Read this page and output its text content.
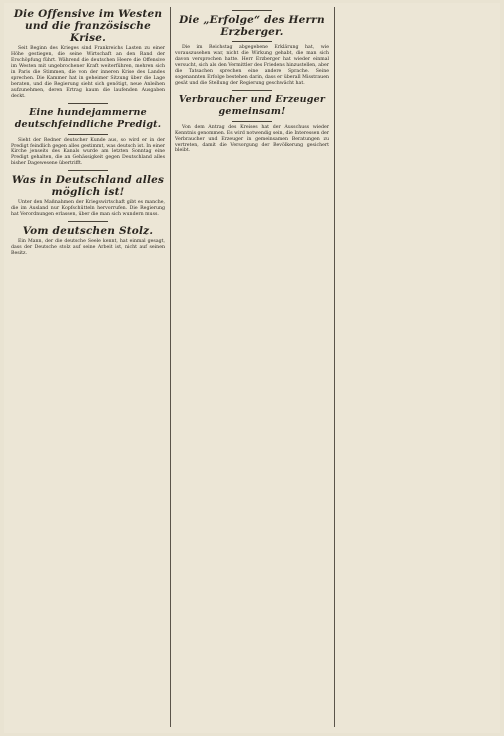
Die Offensive im Westen und die französische Krise.

Seit Beginn des Krieges sind Frankreichs Lasten zu einer Höhe gestiegen, die seine Wirtschaft an den Rand der Erschöpfung führt. Während die deutschen Heere die Offensive im Westen mit ungebrochener Kraft weiterführen, mehren sich in Paris die Stimmen, die von der inneren Krise des Landes sprechen. Die Kammer hat in geheimer Sitzung über die Lage beraten, und die Regierung sieht sich genötigt, neue Anleihen aufzunehmen, deren Ertrag kaum die laufenden Ausgaben deckt.

Eine hundejammerne deutschfeindliche Predigt.

Sieht der Redner deutscher Kunde aus, so wird er in der Predigt feindlich gegen alles gestimmt, was deutsch ist. In einer Kirche jenseits des Kanals wurde am letzten Sonntag eine Predigt gehalten, die an Gehässigkeit gegen Deutschland alles bisher Dagewesene übertrifft.

Was in Deutschland alles möglich ist!

Unter den Maßnahmen der Kriegswirtschaft gibt es manche, die im Ausland nur Kopfschütteln hervorrufen. Die Regierung hat Verordnungen erlassen, über die man sich wundern muss.

Vom deutschen Stolz.

Ein Mann, der die deutsche Seele kennt, hat einmal gesagt, dass der Deutsche stolz auf seine Arbeit ist, nicht auf seinen Besitz.

Die „Erfolge“ des Herrn Erzberger.

Die im Reichstag abgegebene Erklärung hat, wie vorauszusehen war, nicht die Wirkung gehabt, die man sich davon versprochen hatte. Herr Erzberger hat wieder einmal versucht, sich als den Vermittler des Friedens hinzustellen, aber die Tatsachen sprechen eine andere Sprache. Seine sogenannten Erfolge bestehen darin, dass er überall Misstrauen gesät und die Stellung der Regierung geschwächt hat.

Verbraucher und Erzeuger gemeinsam!

Von dem Antrag des Kreises hat der Ausschuss wieder Kenntnis genommen. Es wird notwendig sein, die Interessen der Verbraucher und Erzeuger in gemeinsamen Beratungen zu vertreten, damit die Versorgung der Bevölkerung gesichert bleibt.
